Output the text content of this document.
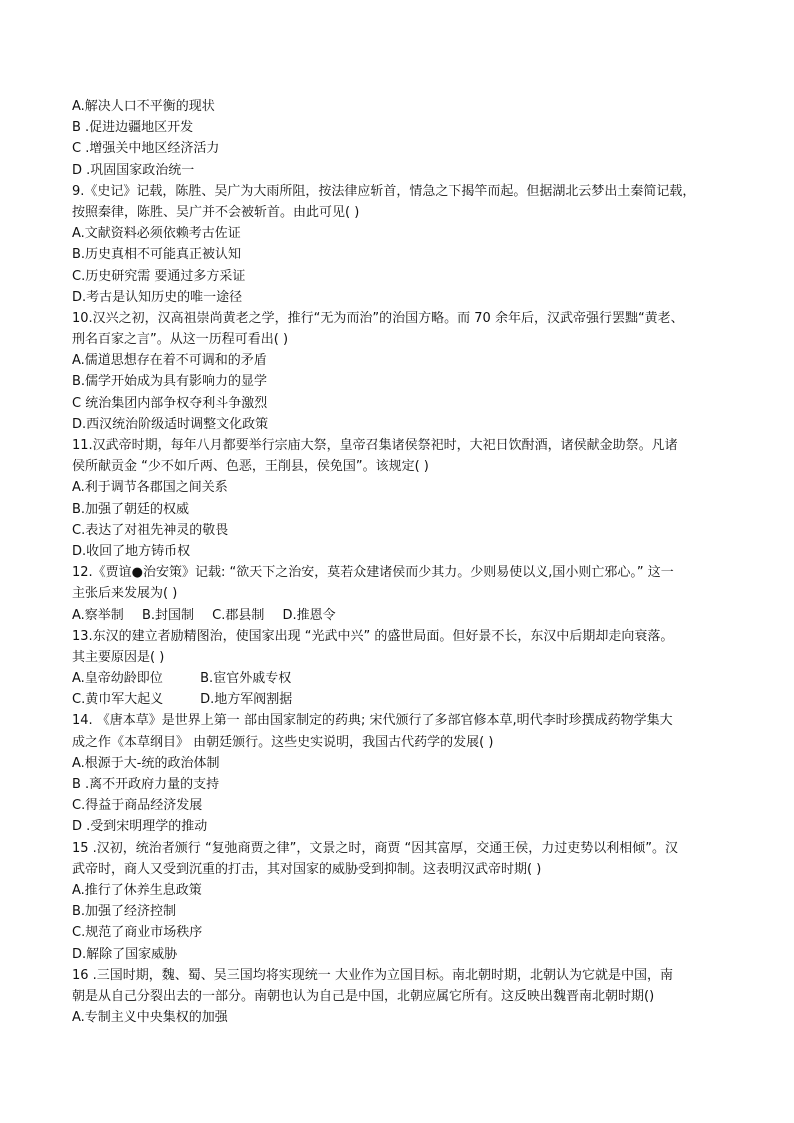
A.解决人口不平衡的现状
B .促进边疆地区开发
C .增强关中地区经济活力
D .巩固国家政治统一
9.《史记》记载，陈胜、吴广为大雨所阻，按法律应斩首，情急之下揭竿而起。但据湖北云梦出土秦简记载，
按照秦律，陈胜、吴广并不会被斩首。由此可见( )
A.文献资料必须依赖考古佐证
B.历史真相不可能真正被认知
C.历史研究需 要通过多方采证
D.考古是认知历史的唯一途径
10.汉兴之初，汉高祖崇尚黄老之学，推行“无为而治”的治国方略。而 70 余年后，汉武帝强行罢黜“黄老、
刑名百家之言”。从这一历程可看出( )
A.儒道思想存在着不可调和的矛盾
B.儒学开始成为具有影响力的显学
C 统治集团内部争权夺利斗争激烈
D.西汉统治阶级适时调整文化政策
11.汉武帝时期，每年八月都要举行宗庙大祭，皇帝召集诸侯祭祀时，大祀日饮酎酒，诸侯献金助祭。凡诸
侯所献贡金 “少不如斤两、色恶，王削县，侯免国”。该规定( )
A.利于调节各郡国之间关系
B.加强了朝廷的权威
C.表达了对祖先神灵的敬畏
D.收回了地方铸币权
12.《贾谊●治安策》记载: “欲天下之治安，莫若众建诸侯而少其力。少则易使以义,国小则亡邪心。” 这一
主张后来发展为( )
A.察举制 B.封国制 C.郡县制 D.推恩令
13.东汉的建立者励精图治，使国家出现 “光武中兴” 的盛世局面。但好景不长，东汉中后期却走向衰落。
其主要原因是( )
A.皇帝幼龄即位	B.宦官外戚专权
C.黄巾军大起义	D.地方军阀割据
14. 《唐本草》是世界上第一 部由国家制定的药典; 宋代颁行了多部官修本草,明代李时珍撰成药物学集大
成之作《本草纲目》 由朝廷颁行。这些史实说明，我国古代药学的发展( )
A.根源于大-统的政治体制
B .离不开政府力量的支持
C.得益于商品经济发展
D .受到宋明理学的推动
15 .汉初，统治者颁行 “复弛商贾之律”，文景之时，商贾 “因其富厚，交通王侯，力过吏势以利相倾”。汉
武帝时，商人又受到沉重的打击，其对国家的威胁受到抑制。这表明汉武帝时期( )
A.推行了休养生息政策
B.加强了经济控制
C.规范了商业市场秩序
D.解除了国家威胁
16 .三国时期，魏、蜀、吴三国均将实现统一 大业作为立国目标。南北朝时期，北朝认为它就是中国，南
朝是从自己分裂出去的一部分。南朝也认为自己是中国，北朝应属它所有。这反映出魏晋南北朝时期()
A.专制主义中央集权的加强
